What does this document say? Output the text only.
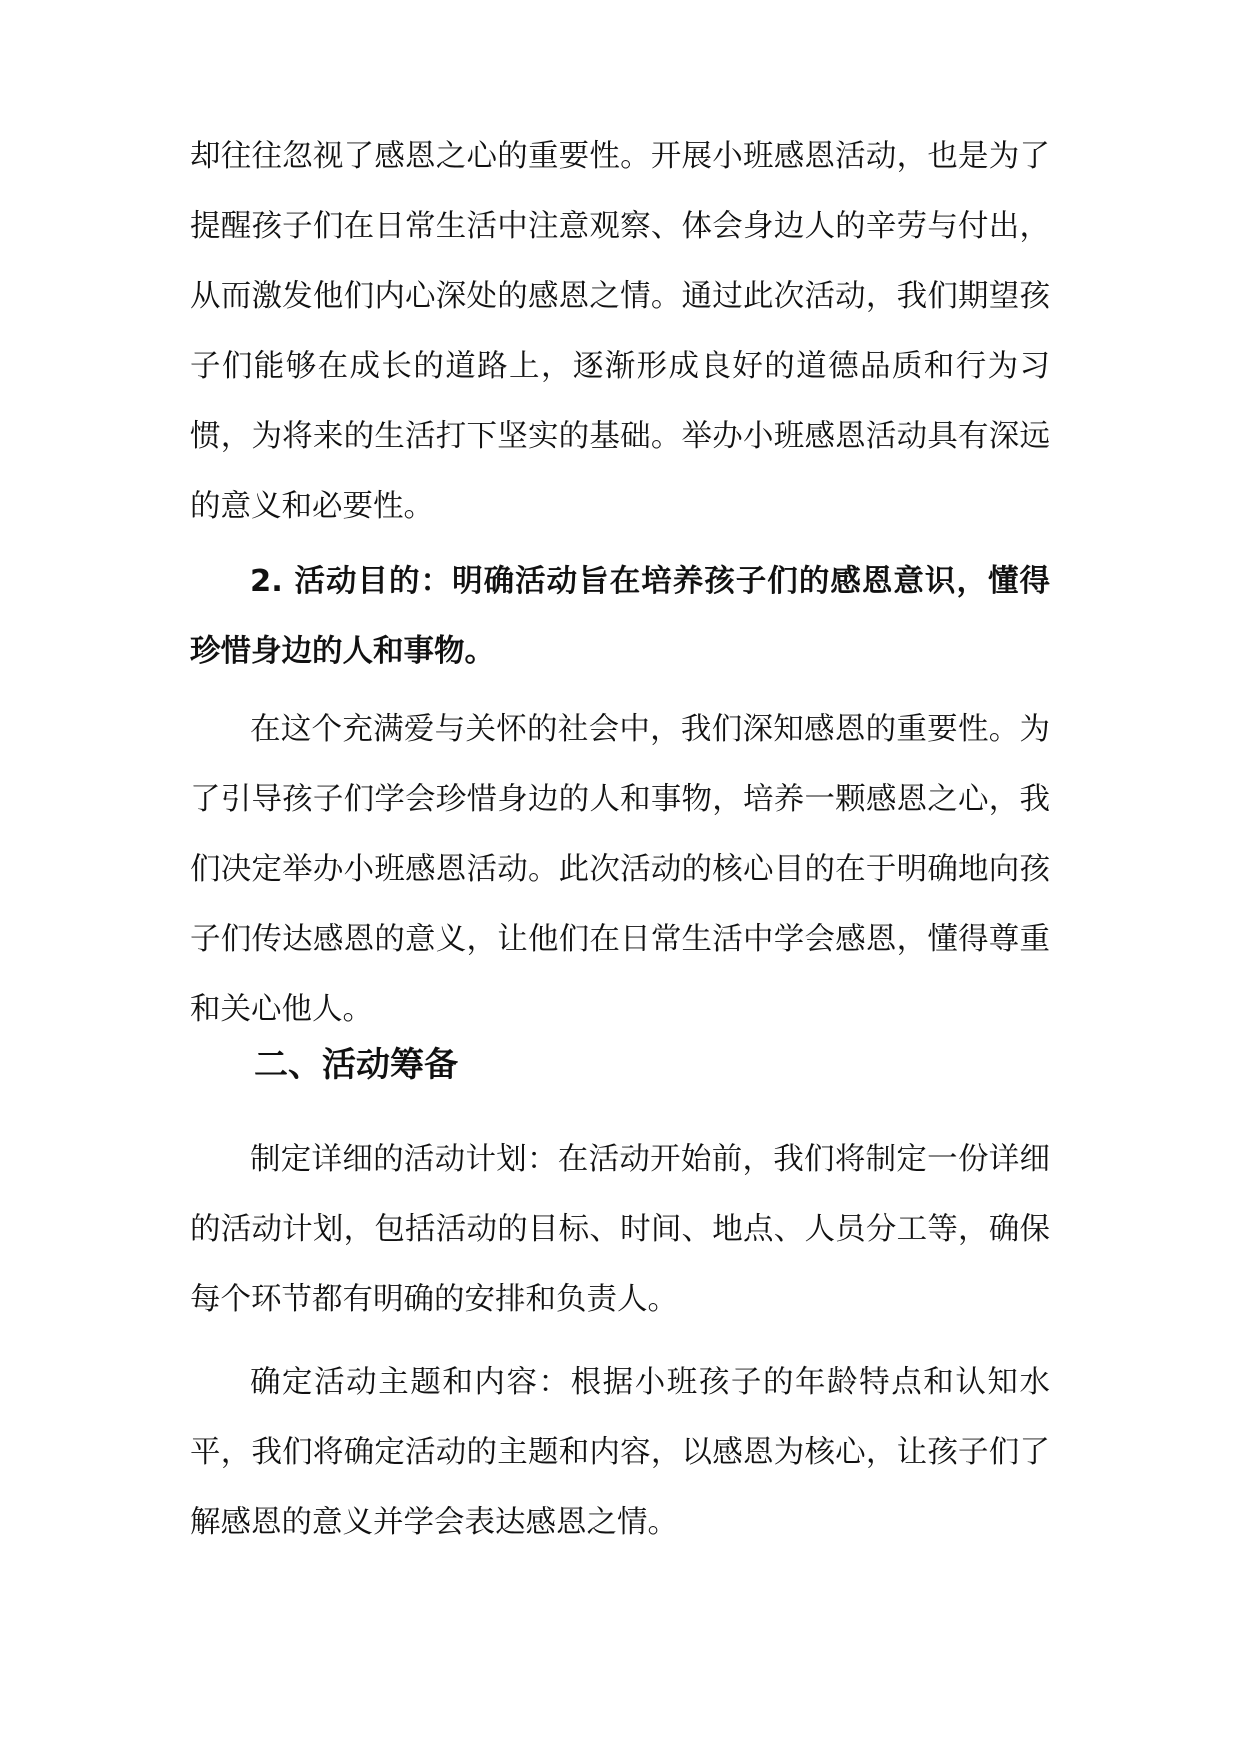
却往往忽视了感恩之心的重要性。开展小班感恩活动，也是为了提醒孩子们在日常生活中注意观察、体会身边人的辛劳与付出，从而激发他们内心深处的感恩之情。通过此次活动，我们期望孩子们能够在成长的道路上，逐渐形成良好的道德品质和行为习惯，为将来的生活打下坚实的基础。举办小班感恩活动具有深远的意义和必要性。

2. 活动目的：明确活动旨在培养孩子们的感恩意识，懂得珍惜身边的人和事物。

在这个充满爱与关怀的社会中，我们深知感恩的重要性。为了引导孩子们学会珍惜身边的人和事物，培养一颗感恩之心，我们决定举办小班感恩活动。此次活动的核心目的在于明确地向孩子们传达感恩的意义，让他们在日常生活中学会感恩，懂得尊重和关心他人。

二、活动筹备

制定详细的活动计划：在活动开始前，我们将制定一份详细的活动计划，包括活动的目标、时间、地点、人员分工等，确保每个环节都有明确的安排和负责人。

确定活动主题和内容：根据小班孩子的年龄特点和认知水平，我们将确定活动的主题和内容，以感恩为核心，让孩子们了解感恩的意义并学会表达感恩之情。
